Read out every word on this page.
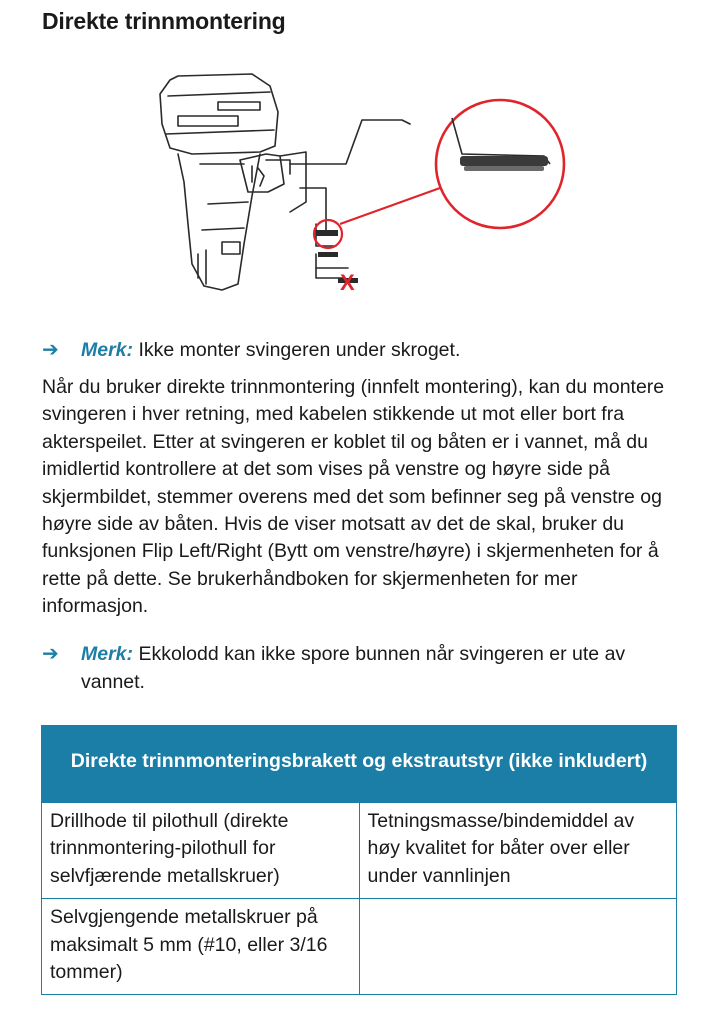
Direkte trinnmontering
X
➔	Merk: Ikke monter svingeren under skroget.

Når du bruker direkte trinnmontering (innfelt montering), kan du montere svingeren i hver retning, med kabelen stikkende ut mot eller bort fra akterspeilet. Etter at svingeren er koblet til og båten er i vannet, må du imidlertid kontrollere at det som vises på venstre og høyre side på skjermbildet, stemmer overens med det som befinner seg på venstre og høyre side av båten. Hvis de viser motsatt av det de skal, bruker du funksjonen Flip Left/Right (Bytt om venstre/høyre) i skjermenheten for å rette på dette. Se brukerhåndboken for skjermenheten for mer informasjon.

➔	Merk: Ekkolodd kan ikke spore bunnen når svingeren er ute av vannet.
Direkte trinnmonteringsbrakett og ekstrautstyr (ikke inkludert)	
Drillhode til pilothull (direkte trinnmontering-pilothull for selvfjærende metallskruer)	Tetningsmasse/bindemiddel av høy kvalitet for båter over eller under vannlinjen
Selvgjengende metallskruer på maksimalt 5 mm (#10, eller 3/16 tommer)	
